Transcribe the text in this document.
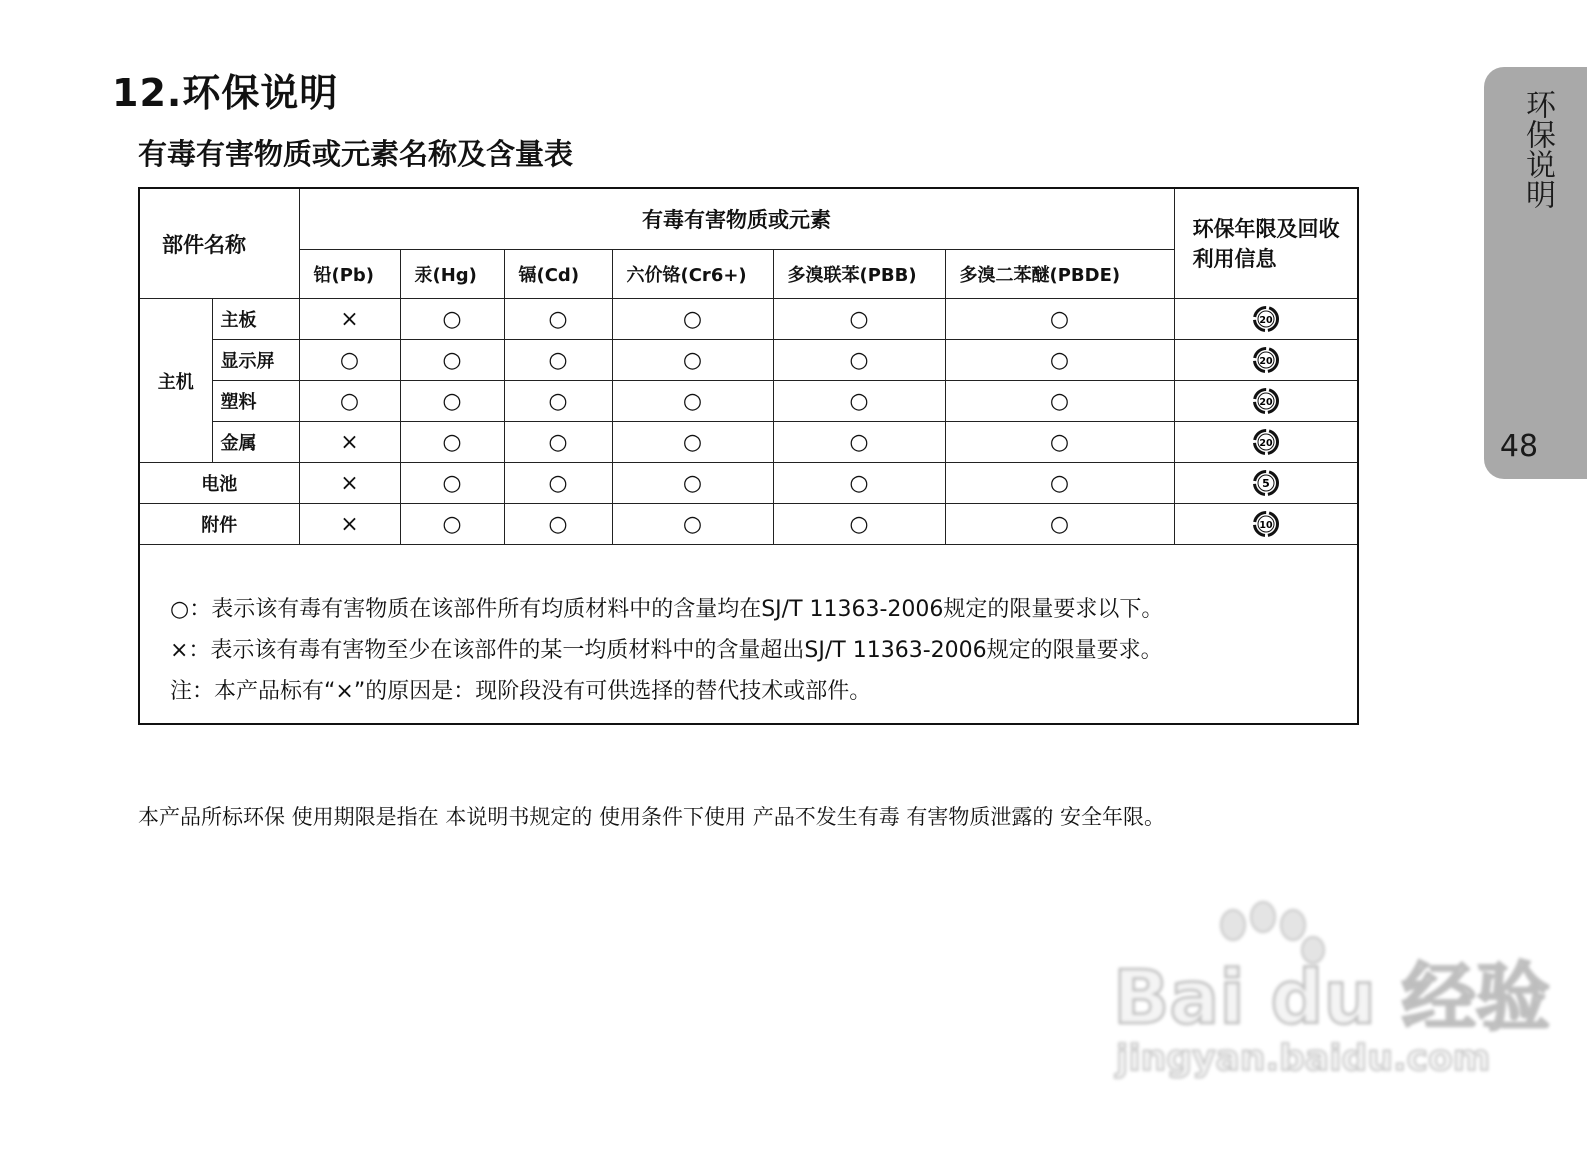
12.环保说明
有毒有害物质或元素名称及含量表	环保说明
48
部件名称		有毒有害物质或元素						环保年限及回收利用信息
		铅(Pb)	汞(Hg)	镉(Cd)	六价铬(Cr6+)	多溴联苯(PBB)	多溴二苯醚(PBDE)	
主机	主板	×	○	○	○	○	○	20

	显示屏	○	○	○	○	○	○	20

	塑料	○	○	○	○	○	○	20

	金属	×	○	○	○	○	○	20

电池		×	○	○	○	○	○	5

附件		×	○	○	○	○	○	10
○：表示该有毒有害物质在该部件所有均质材料中的含量均在SJ/T 11363-2006规定的限量要求以下。
×：表示该有毒有害物至少在该部件的某一均质材料中的含量超出SJ/T 11363-2006规定的限量要求。
注：本产品标有“×”的原因是：现阶段没有可供选择的替代技术或部件。

本产品所标环保 使用期限是指在 本说明书规定的 使用条件下使用 产品不发生有毒 有害物质泄露的 安全年限。

Bai du 经验
jingyan.baidu.com
